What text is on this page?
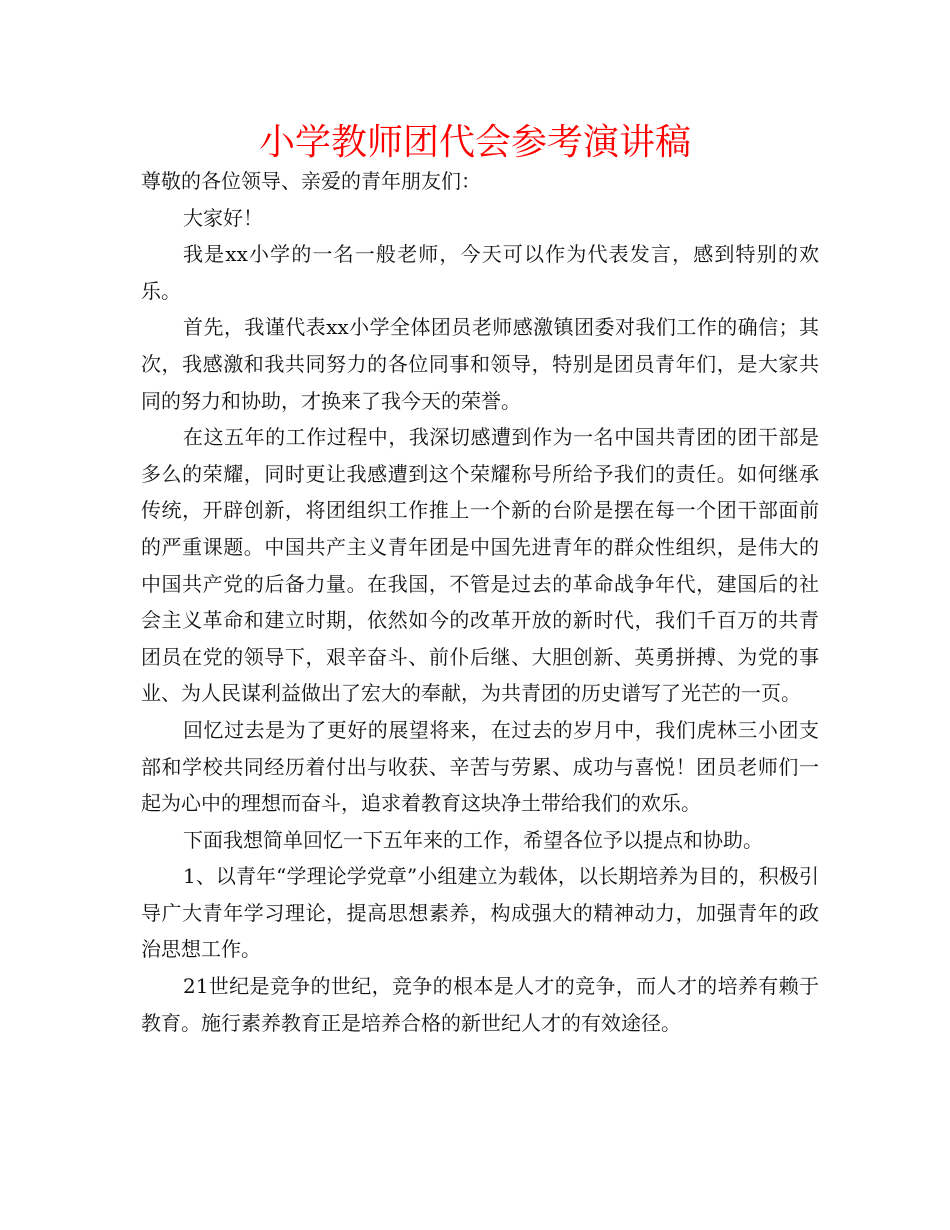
小学教师团代会参考演讲稿

尊敬的各位领导、亲爱的青年朋友们：

大家好！

我是xx小学的一名一般老师，今天可以作为代表发言，感到特别的欢乐。

首先，我谨代表xx小学全体团员老师感激镇团委对我们工作的确信；其次，我感激和我共同努力的各位同事和领导，特别是团员青年们，是大家共同的努力和协助，才换来了我今天的荣誉。

在这五年的工作过程中，我深切感遭到作为一名中国共青团的团干部是多么的荣耀，同时更让我感遭到这个荣耀称号所给予我们的责任。如何继承传统，开辟创新，将团组织工作推上一个新的台阶是摆在每一个团干部面前的严重课题。中国共产主义青年团是中国先进青年的群众性组织，是伟大的中国共产党的后备力量。在我国，不管是过去的革命战争年代，建国后的社会主义革命和建立时期，依然如今的改革开放的新时代，我们千百万的共青团员在党的领导下，艰辛奋斗、前仆后继、大胆创新、英勇拼搏、为党的事业、为人民谋利益做出了宏大的奉献，为共青团的历史谱写了光芒的一页。

回忆过去是为了更好的展望将来，在过去的岁月中，我们虎林三小团支部和学校共同经历着付出与收获、辛苦与劳累、成功与喜悦！团员老师们一起为心中的理想而奋斗，追求着教育这块净土带给我们的欢乐。

下面我想简单回忆一下五年来的工作，希望各位予以提点和协助。

1、以青年“学理论学党章”小组建立为载体，以长期培养为目的，积极引导广大青年学习理论，提高思想素养，构成强大的精神动力，加强青年的政治思想工作。

21世纪是竞争的世纪，竞争的根本是人才的竞争，而人才的培养有赖于教育。施行素养教育正是培养合格的新世纪人才的有效途径。
